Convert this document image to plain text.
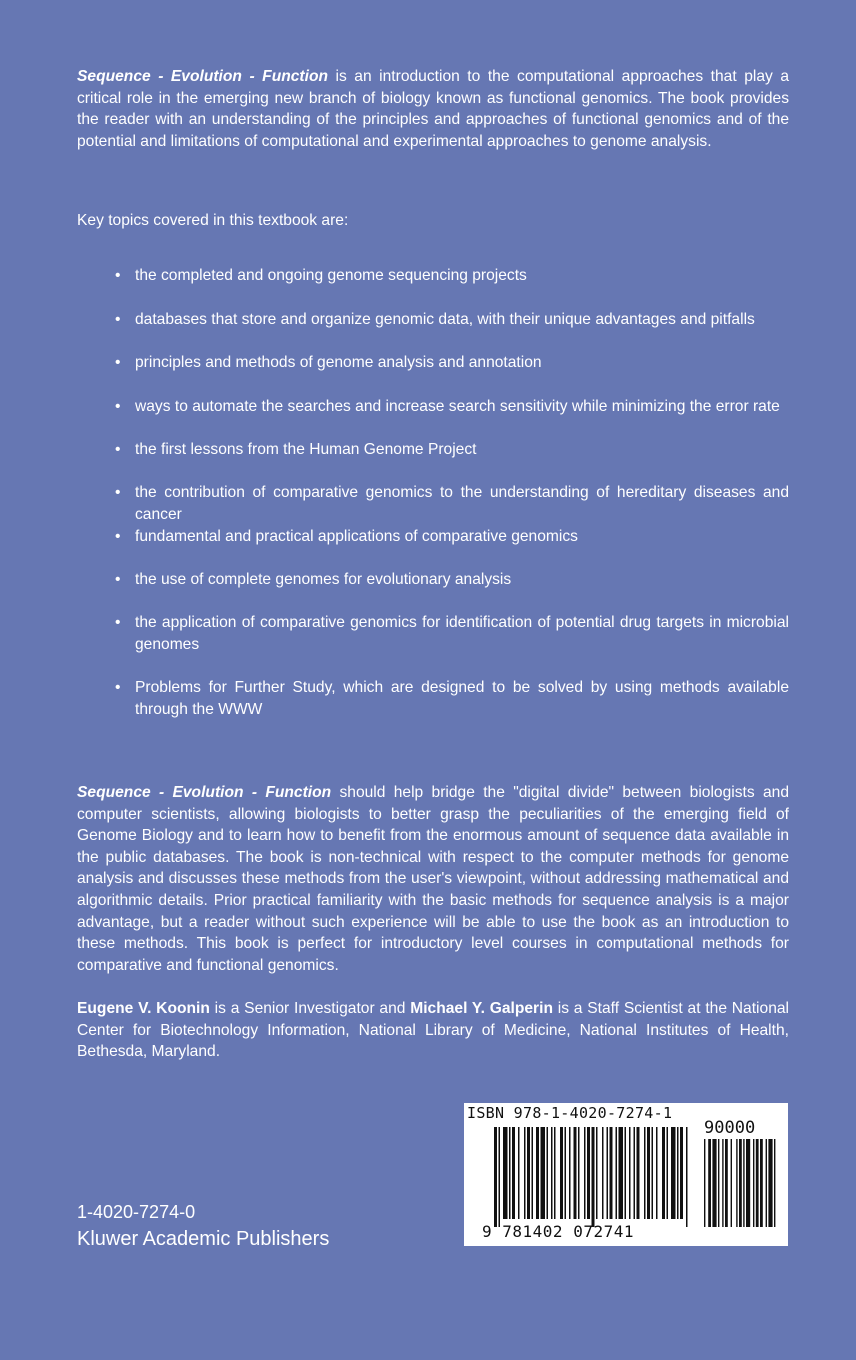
Sequence - Evolution - Function is an introduction to the computational approaches that play a critical role in the emerging new branch of biology known as functional genomics. The book provides the reader with an understanding of the principles and approaches of functional genomics and of the potential and limitations of computational and experimental approaches to genome analysis.

Key topics covered in this textbook are:

• the completed and ongoing genome sequencing projects
• databases that store and organize genomic data, with their unique advantages and pitfalls
• principles and methods of genome analysis and annotation
• ways to automate the searches and increase search sensitivity while minimizing the error rate
• the first lessons from the Human Genome Project
• the contribution of comparative genomics to the understanding of hereditary diseases and cancer
• fundamental and practical applications of comparative genomics
• the use of complete genomes for evolutionary analysis
• the application of comparative genomics for identification of potential drug targets in microbial genomes
• Problems for Further Study, which are designed to be solved by using methods available through the WWW

Sequence - Evolution - Function should help bridge the "digital divide" between biologists and computer scientists, allowing biologists to better grasp the peculiarities of the emerging field of Genome Biology and to learn how to benefit from the enormous amount of sequence data available in the public databases. The book is non-technical with respect to the computer methods for genome analysis and discusses these methods from the user's viewpoint, without addressing mathematical and algorithmic details. Prior practical familiarity with the basic methods for sequence analysis is a major advantage, but a reader without such experience will be able to use the book as an introduction to these methods. This book is perfect for introductory level courses in computational methods for comparative and functional genomics.

Eugene V. Koonin is a Senior Investigator and Michael Y. Galperin is a Staff Scientist at the National Center for Biotechnology Information, National Library of Medicine, National Institutes of Health, Bethesda, Maryland.

1-4020-7274-0
Kluwer Academic Publishers
ISBN 978-1-4020-7274-1
90000
9 781402 072741
